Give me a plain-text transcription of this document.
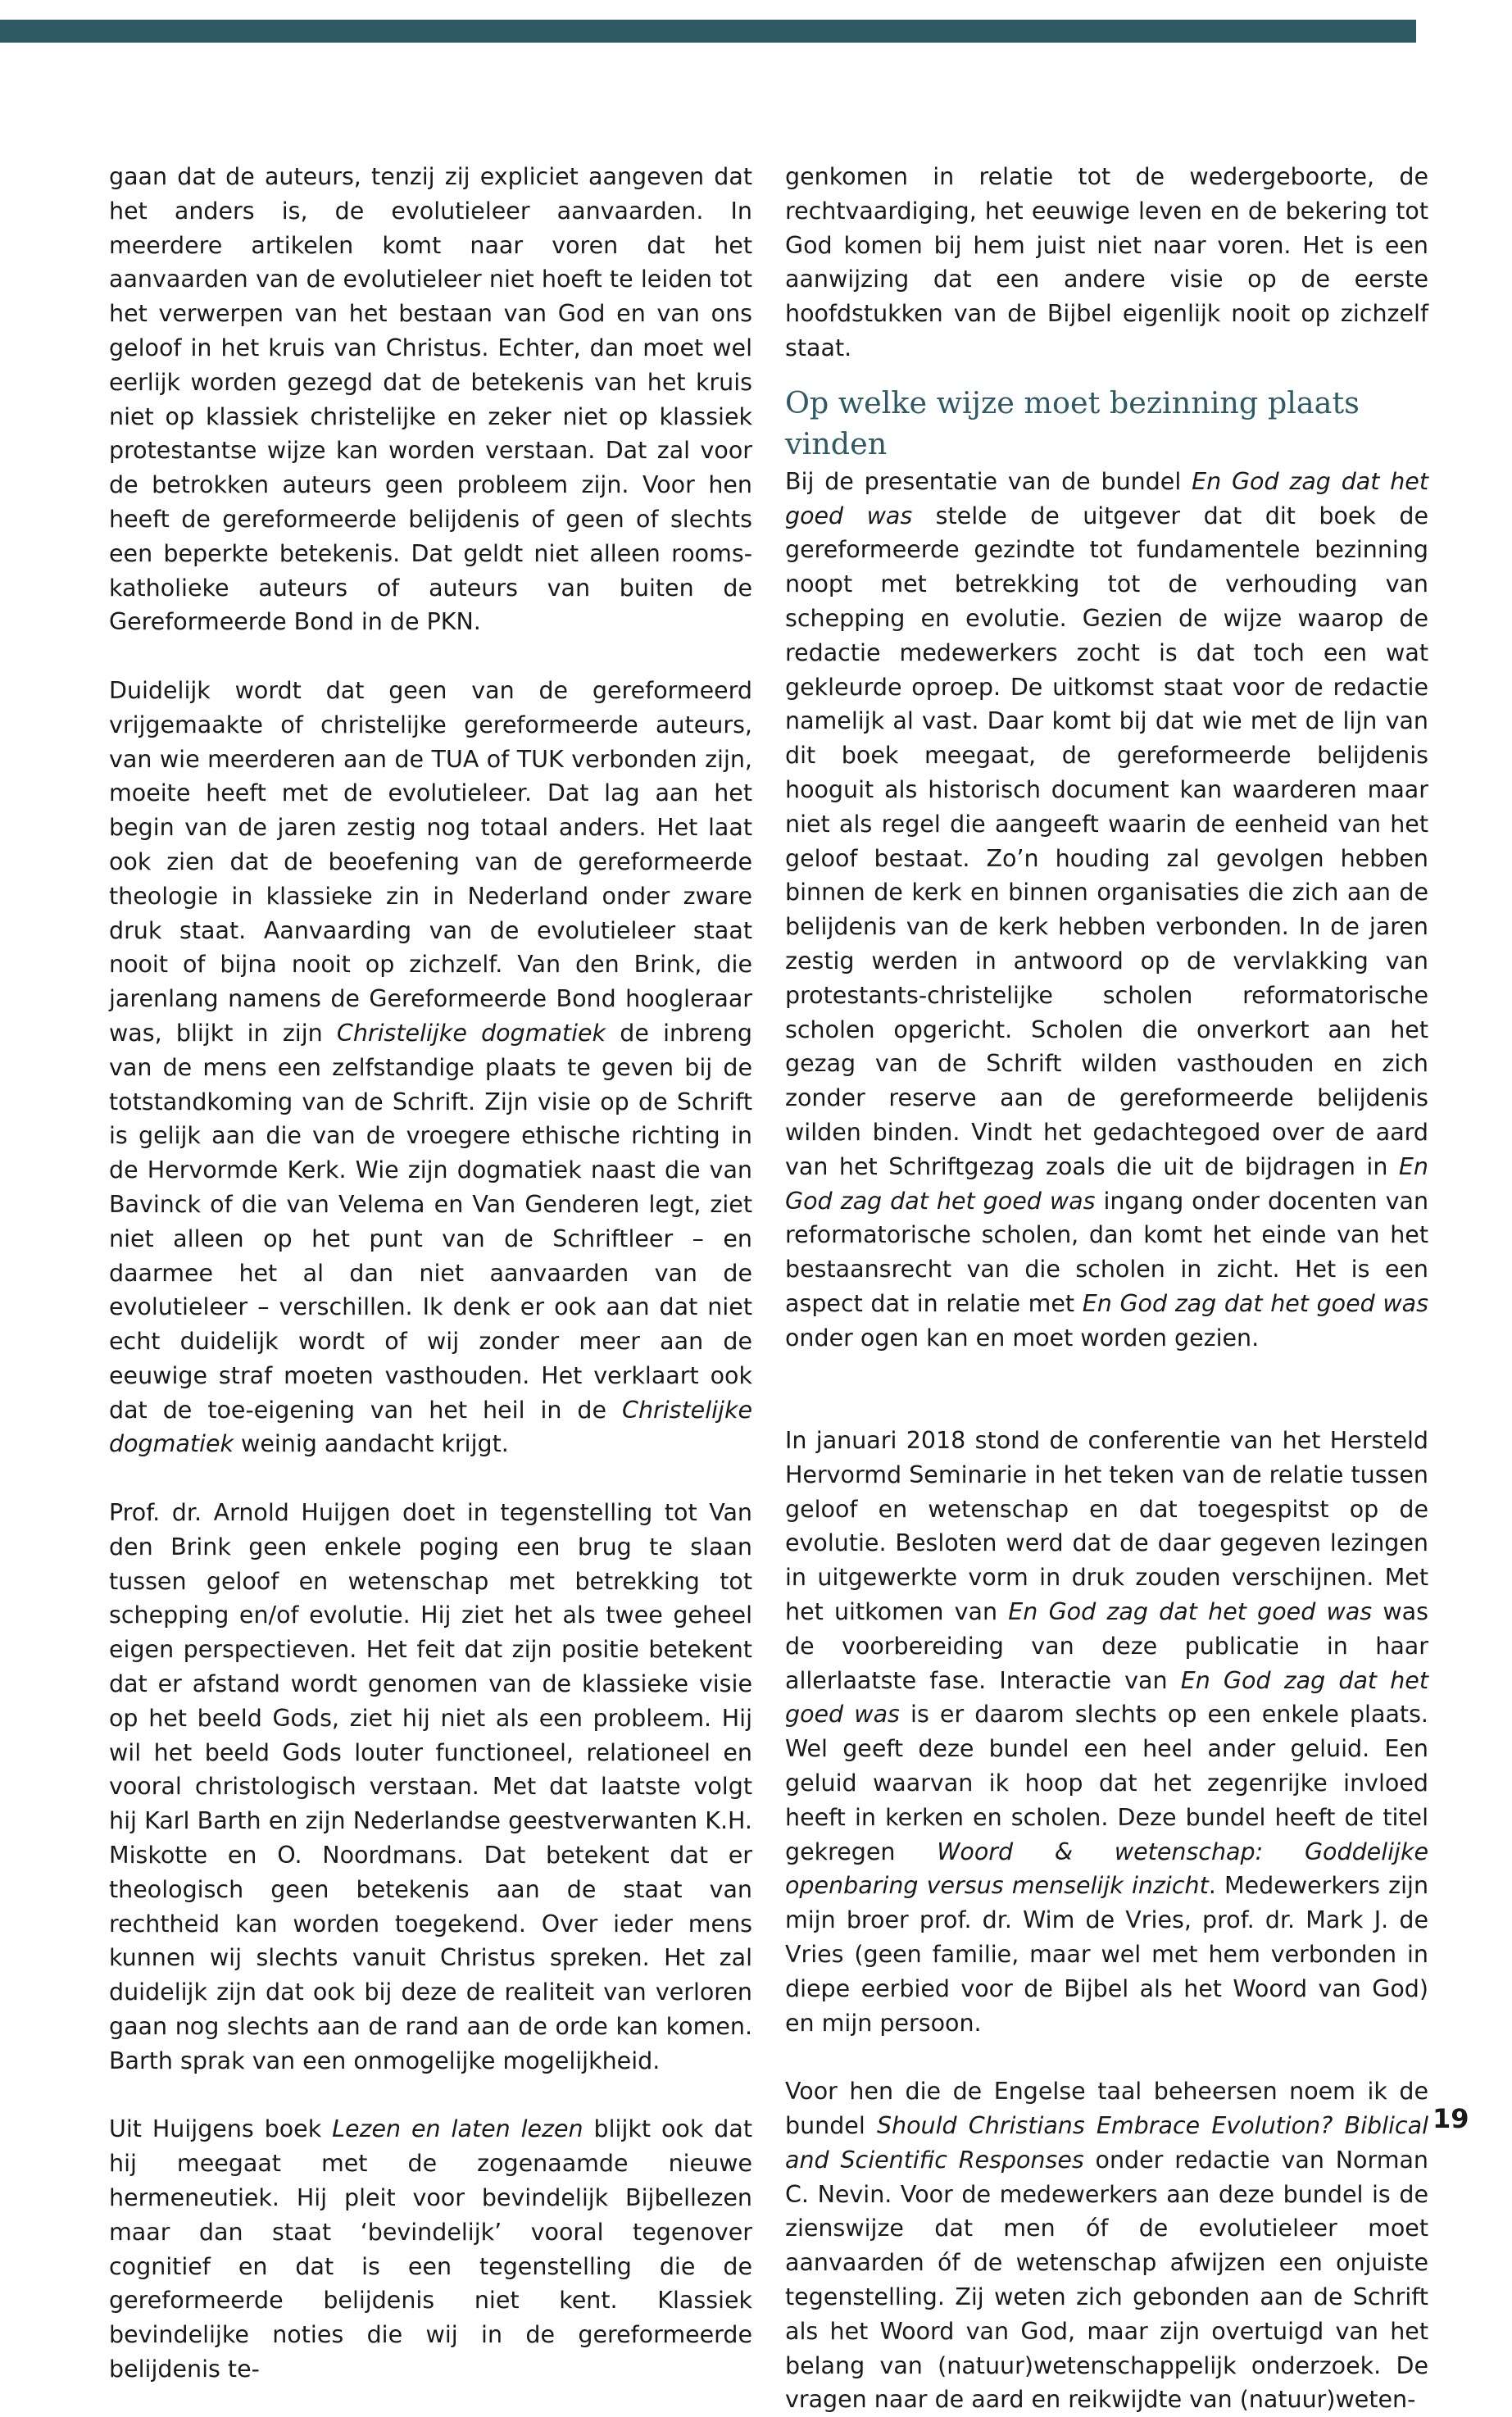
gaan dat de auteurs, tenzij zij expliciet aangeven dat het anders is, de evolutieleer aanvaarden. In meerdere artikelen komt naar voren dat het aanvaarden van de evolutieleer niet hoeft te leiden tot het verwerpen van het bestaan van God en van ons geloof in het kruis van Christus. Echter, dan moet wel eerlijk worden gezegd dat de betekenis van het kruis niet op klassiek christelijke en zeker niet op klassiek protestantse wijze kan worden verstaan. Dat zal voor de betrokken auteurs geen probleem zijn. Voor hen heeft de gereformeerde belijdenis of geen of slechts een beperkte betekenis. Dat geldt niet alleen rooms-katholieke auteurs of auteurs van buiten de Gereformeerde Bond in de PKN.

Duidelijk wordt dat geen van de gereformeerd vrijgemaakte of christelijke gereformeerde auteurs, van wie meerderen aan de TUA of TUK verbonden zijn, moeite heeft met de evolutieleer. Dat lag aan het begin van de jaren zestig nog totaal anders. Het laat ook zien dat de beoefening van de gereformeerde theologie in klassieke zin in Nederland onder zware druk staat. Aanvaarding van de evolutieleer staat nooit of bijna nooit op zichzelf. Van den Brink, die jarenlang namens de Gereformeerde Bond hoogleraar was, blijkt in zijn Christelijke dogmatiek de inbreng van de mens een zelfstandige plaats te geven bij de totstandkoming van de Schrift. Zijn visie op de Schrift is gelijk aan die van de vroegere ethische richting in de Hervormde Kerk. Wie zijn dogmatiek naast die van Bavinck of die van Velema en Van Genderen legt, ziet niet alleen op het punt van de Schriftleer – en daarmee het al dan niet aanvaarden van de evolutieleer – verschillen. Ik denk er ook aan dat niet echt duidelijk wordt of wij zonder meer aan de eeuwige straf moeten vasthouden. Het verklaart ook dat de toe-eigening van het heil in de Christelijke dogmatiek weinig aandacht krijgt.

Prof. dr. Arnold Huijgen doet in tegenstelling tot Van den Brink geen enkele poging een brug te slaan tussen geloof en wetenschap met betrekking tot schepping en/of evolutie. Hij ziet het als twee geheel eigen perspectieven. Het feit dat zijn positie betekent dat er afstand wordt genomen van de klassieke visie op het beeld Gods, ziet hij niet als een probleem. Hij wil het beeld Gods louter functioneel, relationeel en vooral christologisch verstaan. Met dat laatste volgt hij Karl Barth en zijn Nederlandse geestverwanten K.H. Miskotte en O. Noordmans. Dat betekent dat er theologisch geen betekenis aan de staat van rechtheid kan worden toegekend. Over ieder mens kunnen wij slechts vanuit Christus spreken. Het zal duidelijk zijn dat ook bij deze de realiteit van verloren gaan nog slechts aan de rand aan de orde kan komen. Barth sprak van een onmogelijke mogelijkheid.

Uit Huijgens boek Lezen en laten lezen blijkt ook dat hij meegaat met de zogenaamde nieuwe hermeneutiek. Hij pleit voor bevindelijk Bijbellezen maar dan staat ‘bevindelijk’ vooral tegenover cognitief en dat is een tegenstelling die de gereformeerde belijdenis niet kent. Klassiek bevindelijke noties die wij in de gereformeerde belijdenis te-

genkomen in relatie tot de wedergeboorte, de rechtvaardiging, het eeuwige leven en de bekering tot God komen bij hem juist niet naar voren. Het is een aanwijzing dat een andere visie op de eerste hoofdstukken van de Bijbel eigenlijk nooit op zichzelf staat.

Op welke wijze moet bezinning plaats vinden

Bij de presentatie van de bundel En God zag dat het goed was stelde de uitgever dat dit boek de gereformeerde gezindte tot fundamentele bezinning noopt met betrekking tot de verhouding van schepping en evolutie. Gezien de wijze waarop de redactie medewerkers zocht is dat toch een wat gekleurde oproep. De uitkomst staat voor de redactie namelijk al vast. Daar komt bij dat wie met de lijn van dit boek meegaat, de gereformeerde belijdenis hooguit als historisch document kan waarderen maar niet als regel die aangeeft waarin de eenheid van het geloof bestaat. Zo’n houding zal gevolgen hebben binnen de kerk en binnen organisaties die zich aan de belijdenis van de kerk hebben verbonden. In de jaren zestig werden in antwoord op de vervlakking van protestants-christelijke scholen reformatorische scholen opgericht. Scholen die onverkort aan het gezag van de Schrift wilden vasthouden en zich zonder reserve aan de gereformeerde belijdenis wilden binden. Vindt het gedachtegoed over de aard van het Schriftgezag zoals die uit de bijdragen in En God zag dat het goed was ingang onder docenten van reformatorische scholen, dan komt het einde van het bestaansrecht van die scholen in zicht. Het is een aspect dat in relatie met En God zag dat het goed was onder ogen kan en moet worden gezien.

In januari 2018 stond de conferentie van het Hersteld Hervormd Seminarie in het teken van de relatie tussen geloof en wetenschap en dat toegespitst op de evolutie. Besloten werd dat de daar gegeven lezingen in uitgewerkte vorm in druk zouden verschijnen. Met het uitkomen van En God zag dat het goed was was de voorbereiding van deze publicatie in haar allerlaatste fase. Interactie van En God zag dat het goed was is er daarom slechts op een enkele plaats. Wel geeft deze bundel een heel ander geluid. Een geluid waarvan ik hoop dat het zegenrijke invloed heeft in kerken en scholen. Deze bundel heeft de titel gekregen Woord & wetenschap: Goddelijke openbaring versus menselijk inzicht. Medewerkers zijn mijn broer prof. dr. Wim de Vries, prof. dr. Mark J. de Vries (geen familie, maar wel met hem verbonden in diepe eerbied voor de Bijbel als het Woord van God) en mijn persoon.

Voor hen die de Engelse taal beheersen noem ik de bundel Should Christians Embrace Evolution? Biblical and Scientific Responses onder redactie van Norman C. Nevin. Voor de medewerkers aan deze bundel is de zienswijze dat men óf de evolutieleer moet aanvaarden óf de wetenschap afwijzen een onjuiste tegenstelling. Zij weten zich gebonden aan de Schrift als het Woord van God, maar zijn overtuigd van het belang van (natuur)wetenschappelijk onderzoek. De vragen naar de aard en reikwijdte van (natuur)weten-

19
